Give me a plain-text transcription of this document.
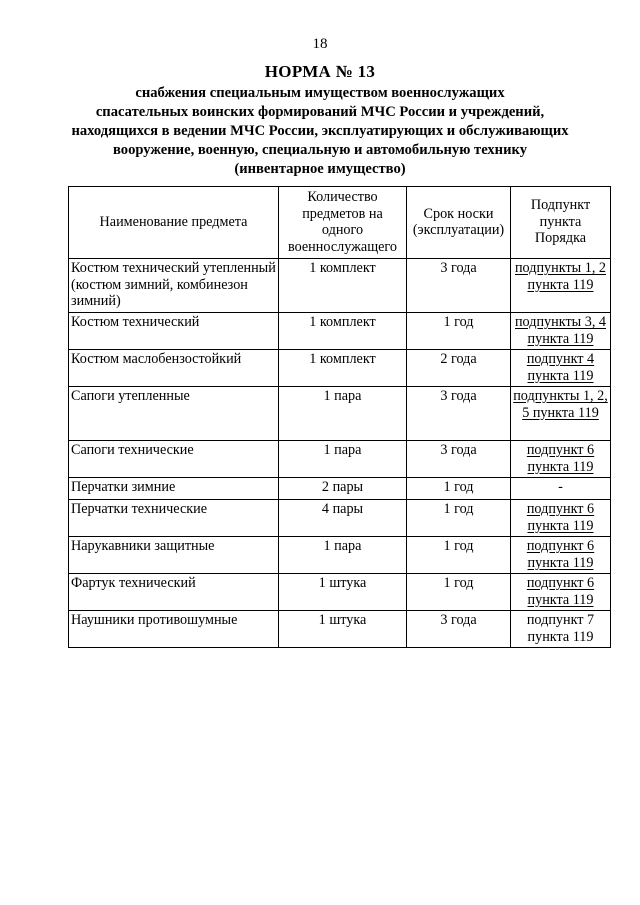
18
НОРМА № 13
снабжения специальным имуществом военнослужащих
спасательных воинских формирований МЧС России и учреждений,
находящихся в ведении МЧС России, эксплуатирующих и обслуживающих
вооружение, военную, специальную и автомобильную технику
(инвентарное имущество)
Наименование предмета	Количество предметов на одного военнослужащего	Срок носки (эксплуатации)	Подпункт пункта Порядка
Костюм технический утепленный (костюм зимний, комбинезон зимний)	1 комплект	3 года	подпункты 1, 2 пункта 119

Костюм технический	1 комплект	1 год	подпункты 3, 4 пункта 119

Костюм маслобензостойкий	1 комплект	2 года	подпункт 4 пункта 119

Сапоги утепленные	1 пара	3 года	подпункты 1, 2, 5 пункта 119

Сапоги технические	1 пара	3 года	подпункт 6 пункта 119

Перчатки зимние	2 пары	1 год	-
Перчатки технические	4 пары	1 год	подпункт 6 пункта 119

Нарукавники защитные	1 пара	1 год	подпункт 6 пункта 119

Фартук технический	1 штука	1 год	подпункт 6 пункта 119

Наушники противошумные	1 штука	3 года	подпункт 7 пункта 119
